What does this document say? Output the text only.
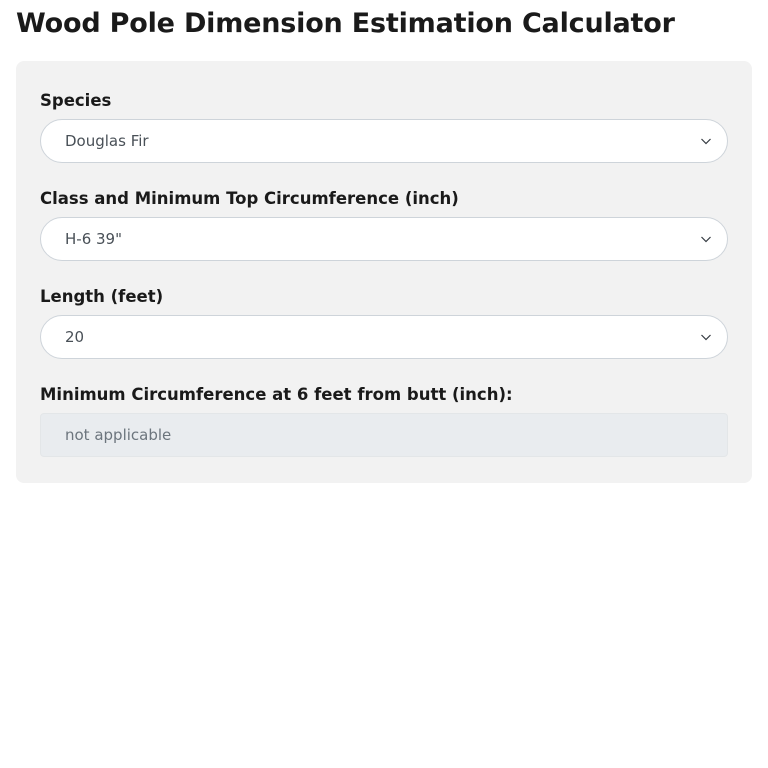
Wood Pole Dimension Estimation Calculator
Species
Douglas Fir
Class and Minimum Top Circumference (inch)
H-6 39"
Length (feet)
20
Minimum Circumference at 6 feet from butt (inch):
not applicable
